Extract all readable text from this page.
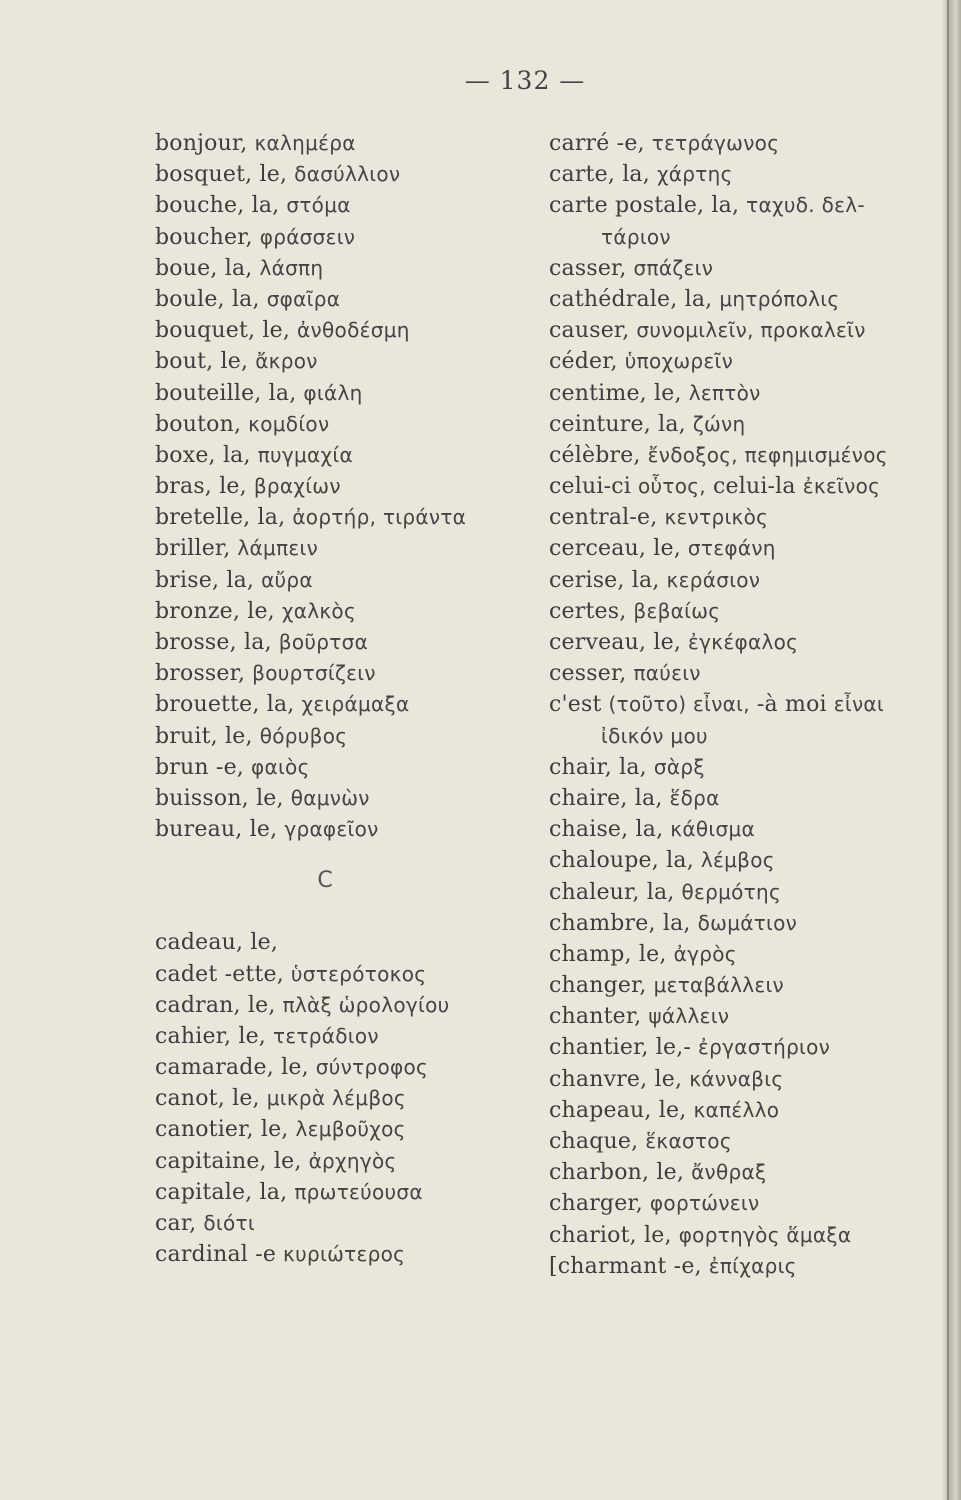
— 132 —
bonjour, καλημέρα
bosquet, le, δασύλλιον
bouche, la, στόμα
boucher, φράσσειν
boue, la, λάσπη
boule, la, σφαῖρα
bouquet, le, ἀνθοδέσμη
bout, le, ἄκρον
bouteille, la, φιάλη
bouton, κομδίον
boxe, la, πυγμαχία
bras, le, βραχίων
bretelle, la, ἀορτήρ, τιράντα
briller, λάμπειν
brise, la, αὔρα
bronze, le, χαλκὸς
brosse, la, βοῦρτσα
brosser, βουρτσίζειν
brouette, la, χειράμαξα
bruit, le, θόρυβος
brun -e, φαιὸς
buisson, le, θαμνὼν
bureau, le, γραφεῖον
C
cadeau, le,
cadet -ette, ὑστερότοκος
cadran, le, πλὰξ ὡρολογίου
cahier, le, τετράδιον
camarade, le, σύντροφος
canot, le, μικρὰ λέμβος
canotier, le, λεμβοῦχος
capitaine, le, ἀρχηγὸς
capitale, la, πρωτεύουσα
car, διότι
cardinal -e κυριώτερος
carré -e, τετράγωνος
carte, la, χάρτης
carte postale, la, ταχυδ. δελ-
τάριον
casser, σπάζειν
cathédrale, la, μητρόπολις
causer, συνομιλεῖν, προκαλεῖν
céder, ὑποχωρεῖν
centime, le, λεπτὸν
ceinture, la, ζώνη
célèbre, ἔνδοξος, πεφημισμένος
celui-ci οὗτος, celui-la ἐκεῖνος
central-e, κεντρικὸς
cerceau, le, στεφάνη
cerise, la, κεράσιον
certes, βεβαίως
cerveau, le, ἐγκέφαλος
cesser, παύειν
c'est (τοῦτο) εἶναι, -à moi εἶναι
ἰδικόν μου
chair, la, σὰρξ
chaire, la, ἕδρα
chaise, la, κάθισμα
chaloupe, la, λέμβος
chaleur, la, θερμότης
chambre, la, δωμάτιον
champ, le, ἀγρὸς
changer, μεταβάλλειν
chanter, ψάλλειν
chantier, le,- ἐργαστήριον
chanvre, le, κάνναβις
chapeau, le, καπέλλο
chaque, ἕκαστος
charbon, le, ἄνθραξ
charger, φορτώνειν
chariot, le, φορτηγὸς ἅμαξα
[charmant -e, ἐπίχαρις
